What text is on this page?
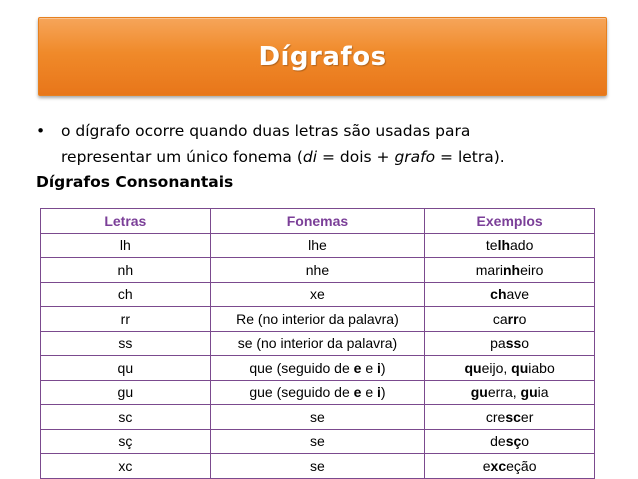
Dígrafos
• o dígrafo ocorre quando duas letras são usadas para
representar um único fonema (di = dois + grafo = letra).
Dígrafos Consonantais
Letras	Fonemas	Exemplos
lh	lhe	telhado
nh	nhe	marinheiro
ch	xe	chave
rr	Re (no interior da palavra)	carro
ss	se (no interior da palavra)	passo
qu	que (seguido de e e i)	queijo, quiabo
gu	gue (seguido de e e i)	guerra, guia
sc	se	crescer
sç	se	desço
xc	se	exceção
